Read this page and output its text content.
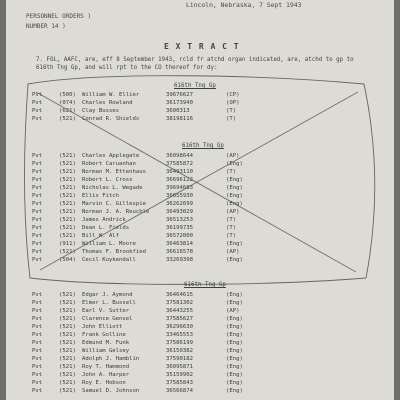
Lincoln, Nebraska, 7 Sept 1943
PERSONNEL ORDERS )
NUMBER 14 )
E X T R A C T
7. FOL, AAFC, are, eff 8 September 1943, rcld fr atchd organ indicated, are, atchd to gp to 616th Tng Gp, and will rpt to the CO thereof for dy:
616th Tng Gp
616th Tng Gp
616th Tng Gp
Pvt	(500) William W. Ellier	39676627	(CP)
Pvt	(074) Charles Rowland	36173940	(OP)
Pvt	(621) Clay Busses	3600313	(T)
Pvt	(521) Conrad R. Shields	38198116	(T)
Pvt	(521) Charles Applegate	36098644	(AP)
Pvt	(521) Robert Caruanhan	37585872	(Eng)
Pvt	(521) Norman M. Ettenhaus	36493110	(T)
Pvt	(521) Robert L. Cross	36696122	(Eng)
Pvt	(521) Nicholas L. Wegade	39694683	(Eng)
Pvt	(521) Ellis Fitch	36655930	(Eng)
Pvt	(521) Marvin C. Gillespie	36262699	(Eng)
Pvt	(521) Norman J. A. Reuchle	36493029	(AP)
Pvt	(521) James Andrick	36513253	(T)
Pvt	(521) Dean L. Fields	36199735	(T)
Pvt	(521) Bill W. Alf	36572000	(T)
Pvt	(911) William L. Moore	36463814	(Eng)
Pvt	(521) Thomas F. Brookfied	36616578	(AP)
Pvt	(504) Cecil Kuykendall	33269398	(Eng)
Pvt	(521) Edgar J. Aymond	36464615	(Eng)
Pvt	(521) Elmer L. Bussell	37581302	(Eng)
Pvt	(521) Earl V. Sutter	36443255	(AP)
Pvt	(521) Clarence Gensel	37585627	(Eng)
Pvt	(521) John Elliott	36296630	(Eng)
Pvt	(521) Frank Golline	33465553	(Eng)
Pvt	(521) Edmund M. Funk	37586199	(Eng)
Pvt	(521) William Gelsey	36150382	(Eng)
Pvt	(521) Adolph J. Hamblin	37590182	(Eng)
Pvt	(521) Roy T. Hammond	36095871	(Eng)
Pvt	(521) John A. Harper	35159902	(Eng)
Pvt	(521) Roy E. Hobson	37585843	(Eng)
Pvt	(521) Samuel D. Johnson	36566874	(Eng)
